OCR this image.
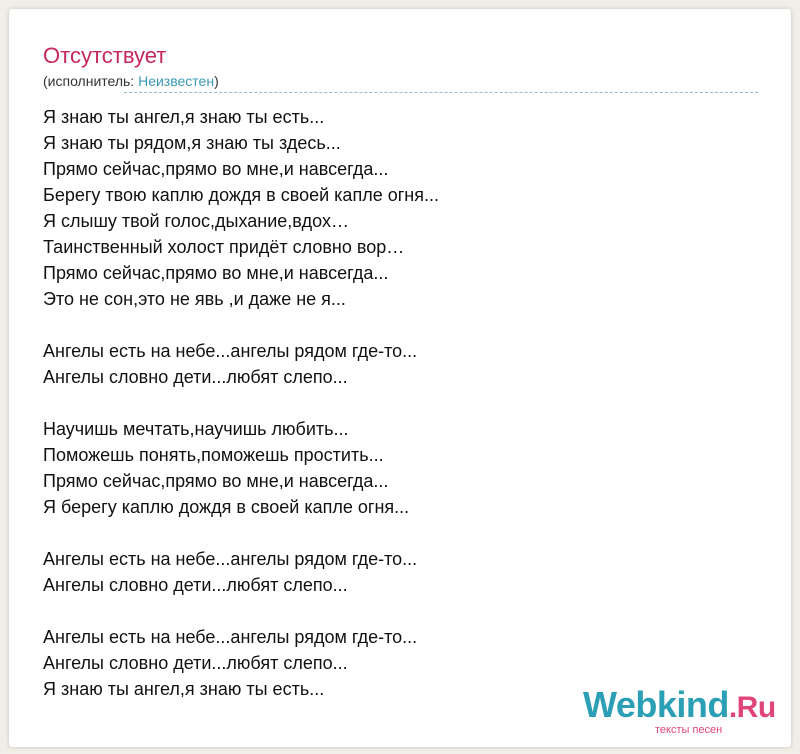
Отсутствует
(исполнитель: Неизвестен)
Я знаю ты ангел,я знаю ты есть...
Я знаю ты рядом,я знаю ты здесь...
Прямо сейчас,прямо во мне,и навсегда...
Берегу твою каплю дождя в своей капле огня...
Я слышу твой голос,дыхание,вдох…
Таинственный холост придёт словно вор…
Прямо сейчас,прямо во мне,и навсегда...
Это не сон,это не явь ,и даже не я...
Ангелы есть на небе...ангелы рядом где-то...
Ангелы словно дети...любят слепо...
Научишь мечтать,научишь любить...
Поможешь понять,поможешь простить...
Прямо сейчас,прямо во мне,и навсегда...
Я берегу каплю дождя в своей капле огня...
Ангелы есть на небе...ангелы рядом где-то...
Ангелы словно дети...любят слепо...
Ангелы есть на небе...ангелы рядом где-то...
Ангелы словно дети...любят слепо...
Я знаю ты ангел,я знаю ты есть...	Webkind.Ru
тексты песен
